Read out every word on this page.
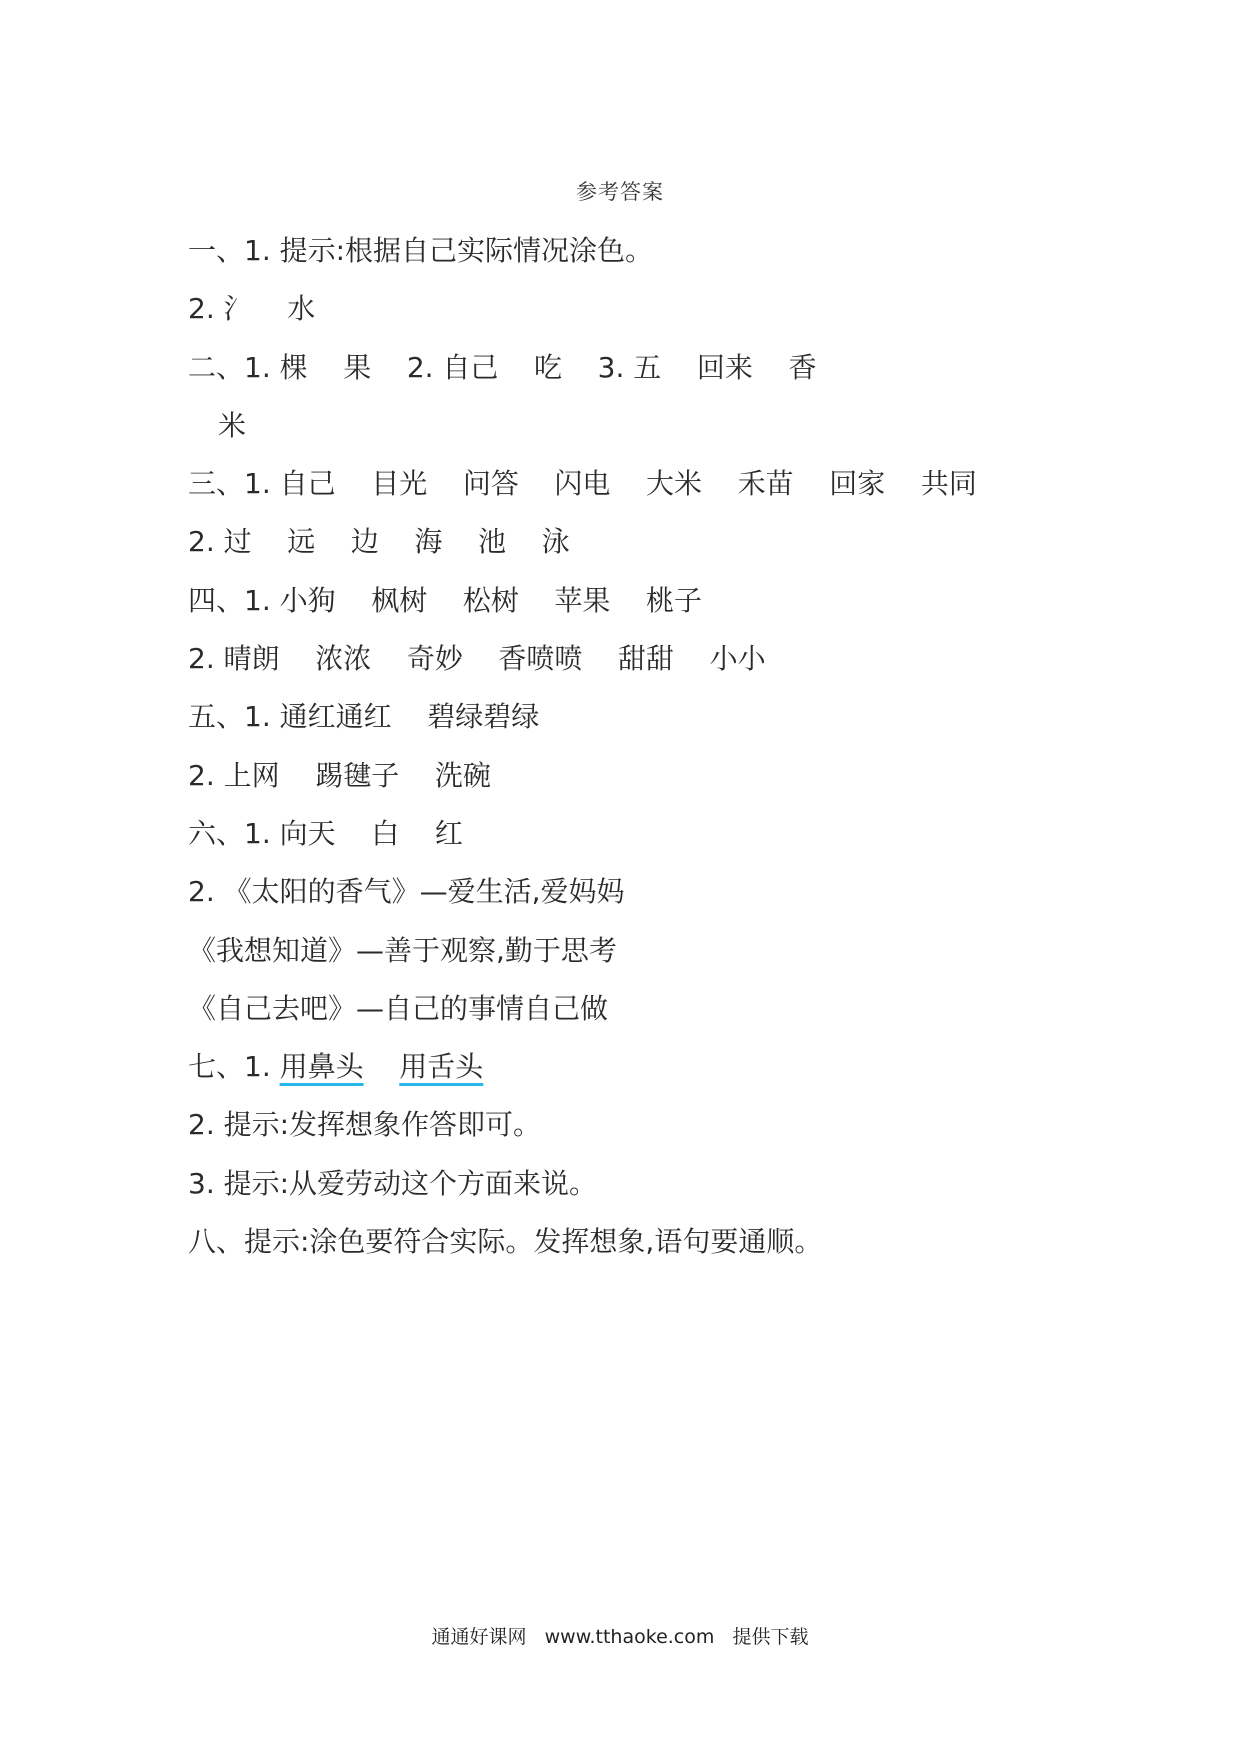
参考答案
一、1. 提示:根据自己实际情况涂色。
2. 氵    水
二、1. 棵    果    2. 自己    吃    3. 五    回来    香
米
三、1. 自己    目光    问答    闪电    大米    禾苗    回家    共同
2. 过    远    边    海    池    泳
四、1. 小狗    枫树    松树    苹果    桃子
2. 晴朗    浓浓    奇妙    香喷喷    甜甜    小小
五、1. 通红通红    碧绿碧绿
2. 上网    踢毽子    洗碗
六、1. 向天    白    红
2. 《太阳的香气》—爱生活,爱妈妈
《我想知道》—善于观察,勤于思考
《自己去吧》—自己的事情自己做
七、1. 用鼻头 用舌头
2. 提示:发挥想象作答即可。
3. 提示:从爱劳动这个方面来说。
八、提示:涂色要符合实际。发挥想象,语句要通顺。
通通好课网   www.tthaoke.com   提供下载
